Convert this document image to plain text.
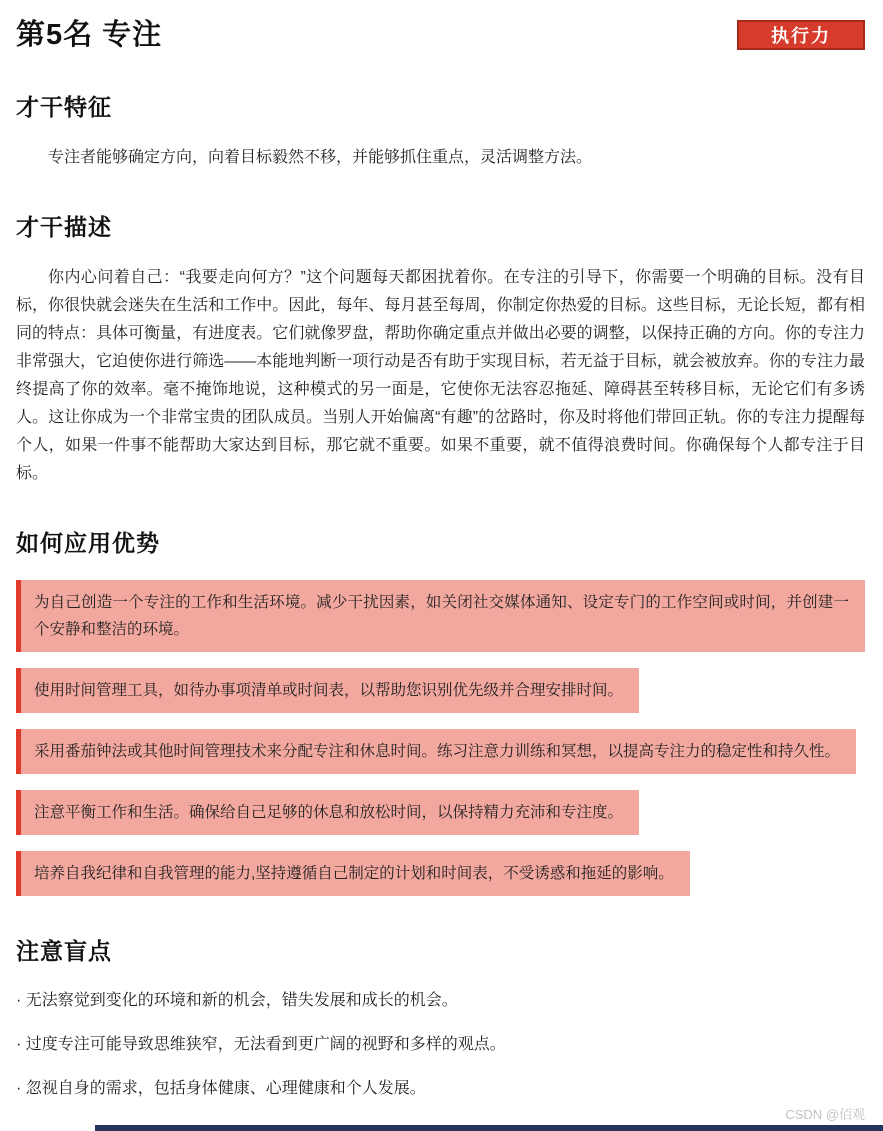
第5名 专注	执行力
才干特征

专注者能够确定方向，向着目标毅然不移，并能够抓住重点，灵活调整方法。

才干描述

你内心问着自己：“我要走向何方？”这个问题每天都困扰着你。在专注的引导下，你需要一个明确的目标。没有目标，你很快就会迷失在生活和工作中。因此，每年、每月甚至每周，你制定你热爱的目标。这些目标，无论长短，都有相同的特点：具体可衡量，有进度表。它们就像罗盘，帮助你确定重点并做出必要的调整，以保持正确的方向。你的专注力非常强大，它迫使你进行筛选——本能地判断一项行动是否有助于实现目标，若无益于目标，就会被放弃。你的专注力最终提高了你的效率。毫不掩饰地说，这种模式的另一面是，它使你无法容忍拖延、障碍甚至转移目标，无论它们有多诱人。这让你成为一个非常宝贵的团队成员。当别人开始偏离“有趣”的岔路时，你及时将他们带回正轨。你的专注力提醒每个人，如果一件事不能帮助大家达到目标，那它就不重要。如果不重要，就不值得浪费时间。你确保每个人都专注于目标。

如何应用优势
为自己创造一个专注的工作和生活环境。减少干扰因素，如关闭社交媒体通知、设定专门的工作空间或时间，并创建一个安静和整洁的环境。
使用时间管理工具，如待办事项清单或时间表，以帮助您识别优先级并合理安排时间。
采用番茄钟法或其他时间管理技术来分配专注和休息时间。练习注意力训练和冥想，以提高专注力的稳定性和持久性。
注意平衡工作和生活。确保给自己足够的休息和放松时间，以保持精力充沛和专注度。
培养自我纪律和自我管理的能力,坚持遵循自己制定的计划和时间表，不受诱惑和拖延的影响。
注意盲点

· 无法察觉到变化的环境和新的机会，错失发展和成长的机会。

· 过度专注可能导致思维狭窄，无法看到更广阔的视野和多样的观点。

· 忽视自身的需求，包括身体健康、心理健康和个人发展。

CSDN @佰观
